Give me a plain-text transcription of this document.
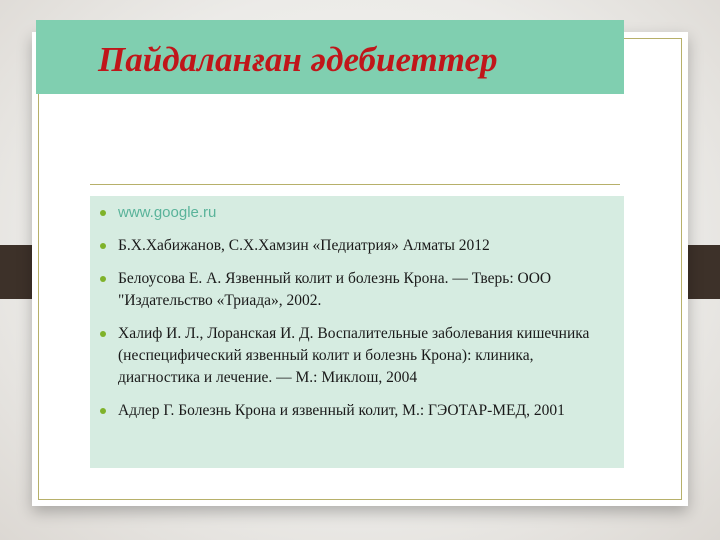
Пайдаланған әдебиеттер
www.google.ru
Б.Х.Хабижанов, С.Х.Хамзин «Педиатрия» Алматы 2012
Белоусова Е. А. Язвенный колит и болезнь Крона. — Тверь: ООО "Издательство «Триада», 2002.
Халиф И. Л., Лоранская И. Д. Воспалительные заболевания кишечника (неспецифический язвенный колит и болезнь Крона): клиника, диагностика и лечение. — М.: Миклош, 2004
Адлер Г. Болезнь Крона и язвенный колит, М.: ГЭОТАР-МЕД, 2001
